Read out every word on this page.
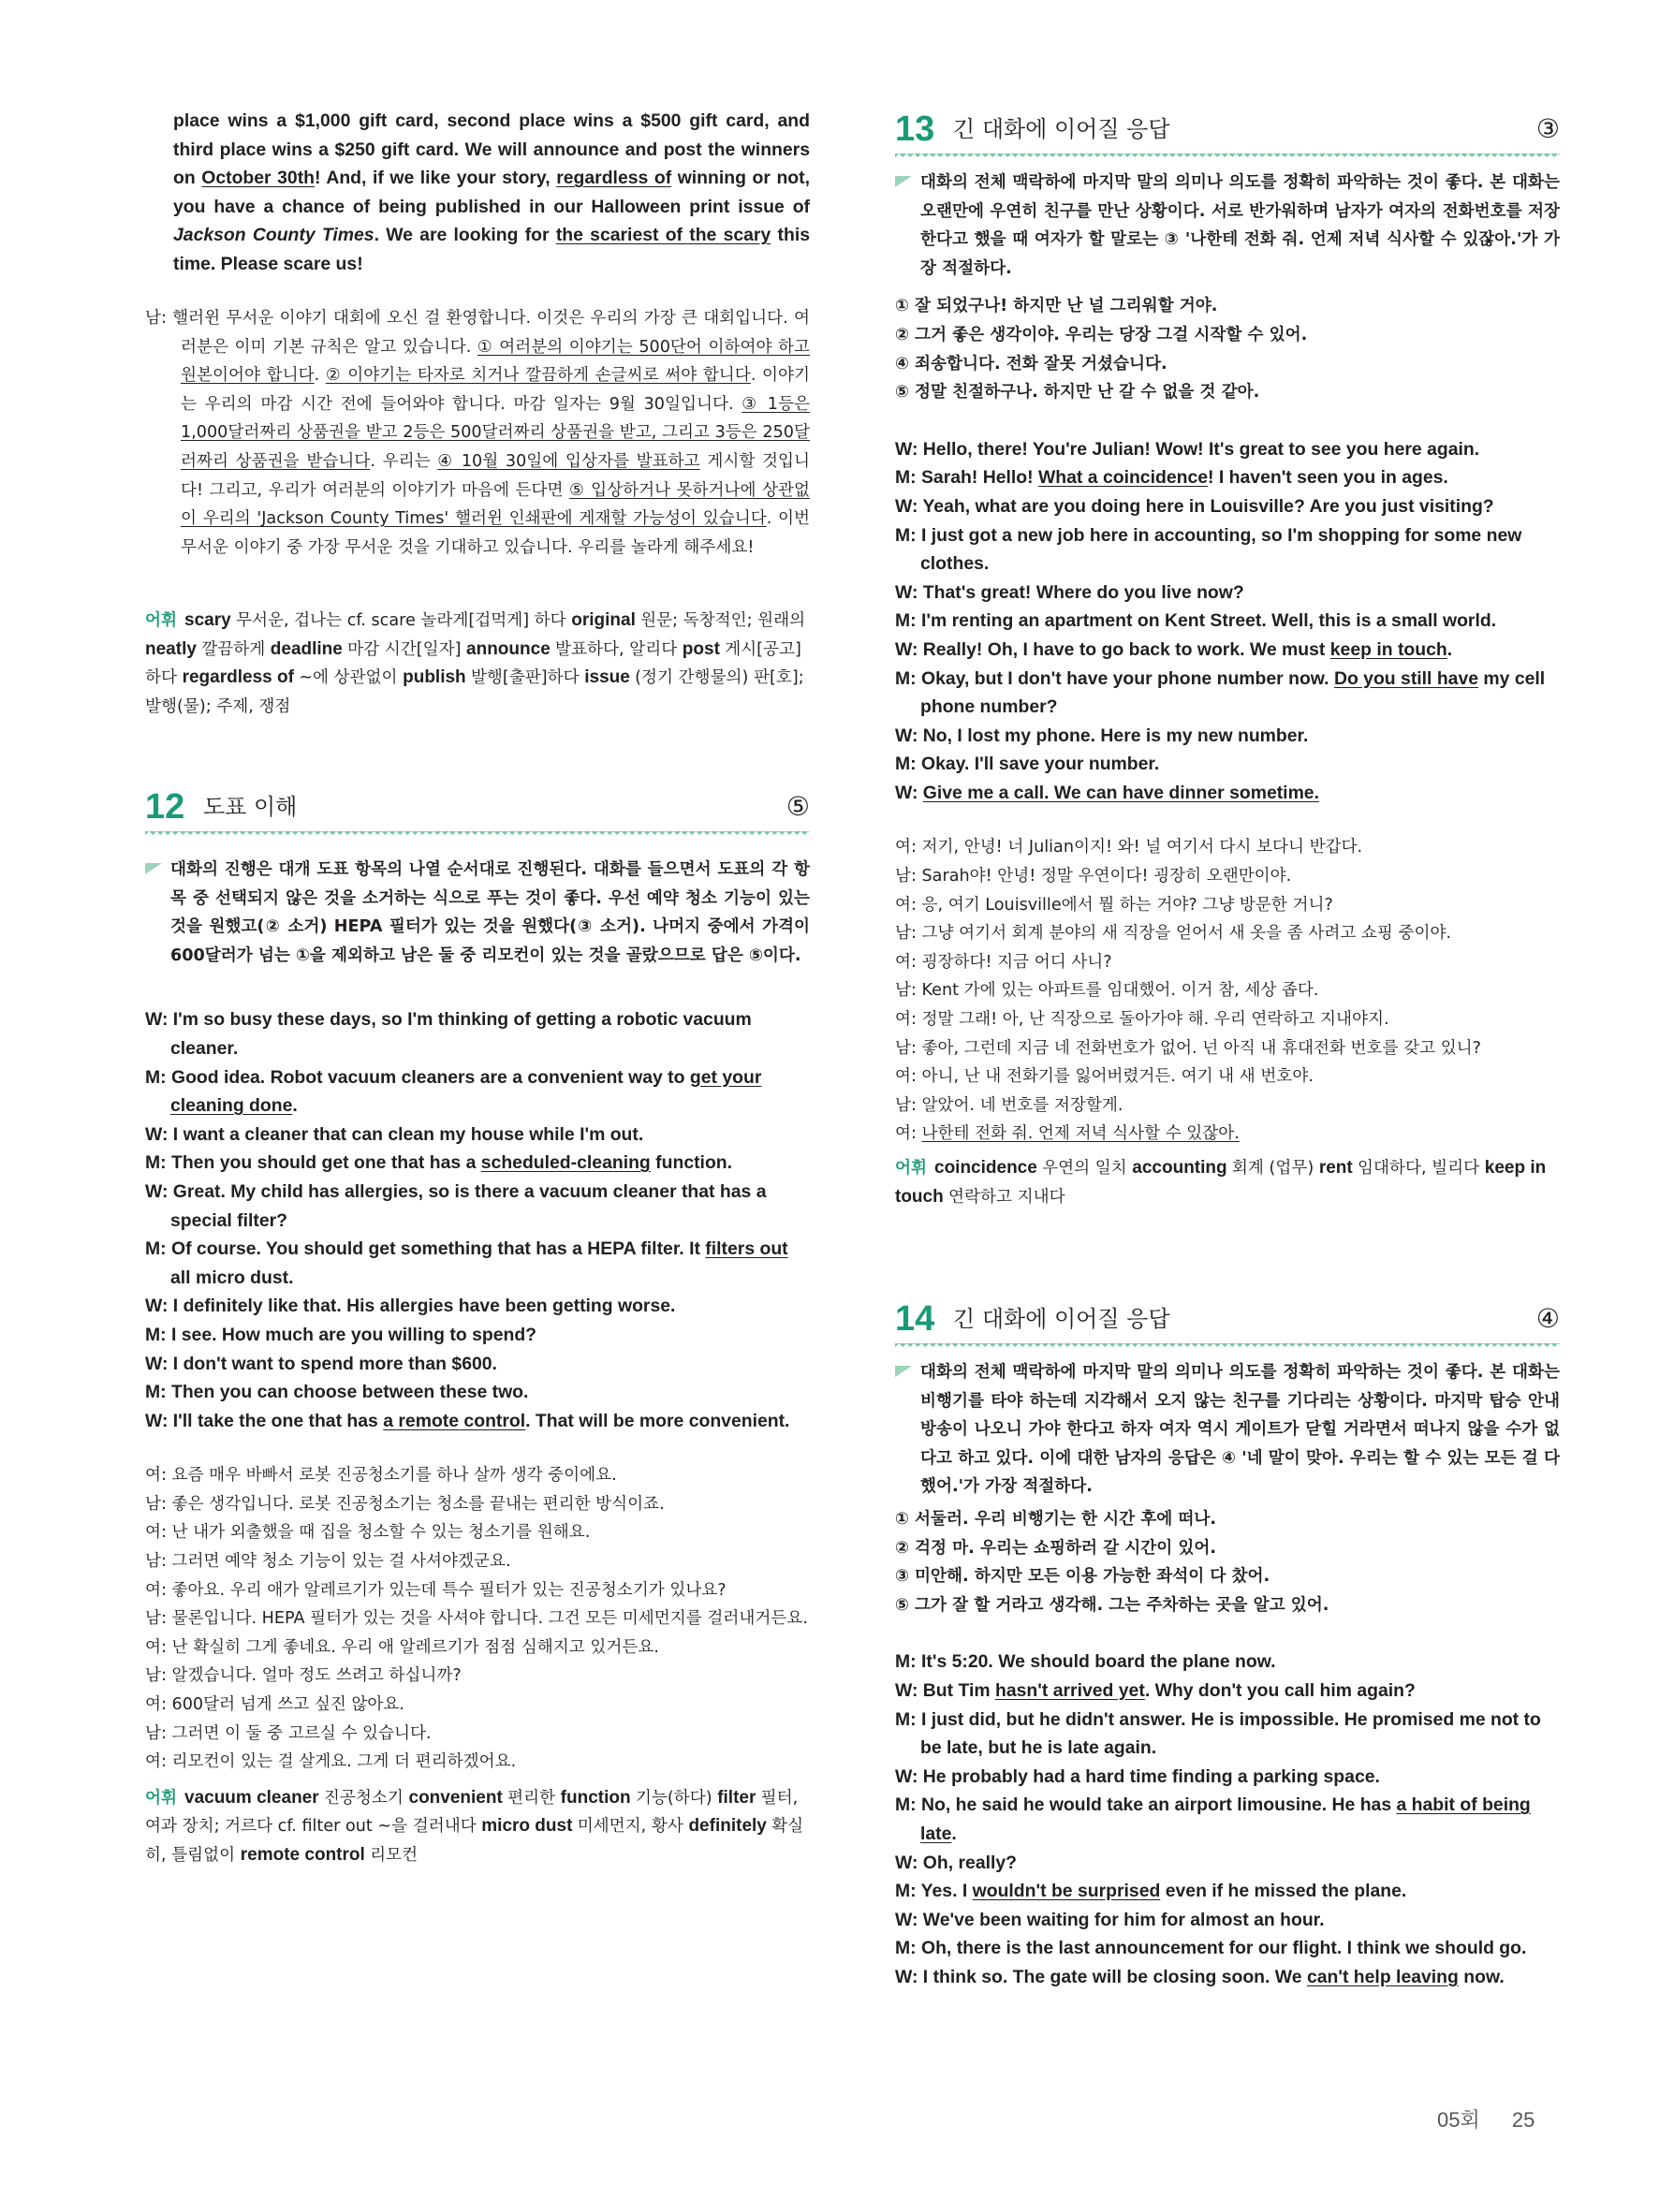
place wins a $1,000 gift card, second place wins a $500 gift card, and third place wins a $250 gift card. We will announce and post the winners on October 30th! And, if we like your story, regardless of winning or not, you have a chance of being published in our Halloween print issue of Jackson County Times. We are looking for the scariest of the scary this time. Please scare us!

남: 핼러윈 무서운 이야기 대회에 오신 걸 환영합니다. 이것은 우리의 가장 큰 대회입니다. 여러분은 이미 기본 규칙은 알고 있습니다. ① 여러분의 이야기는 500단어 이하여야 하고 원본이어야 합니다. ② 이야기는 타자로 치거나 깔끔하게 손글씨로 써야 합니다. 이야기는 우리의 마감 시간 전에 들어와야 합니다. 마감 일자는 9월 30일입니다. ③ 1등은 1,000달러짜리 상품권을 받고 2등은 500달러짜리 상품권을 받고, 그리고 3등은 250달러짜리 상품권을 받습니다. 우리는 ④ 10월 30일에 입상자를 발표하고 게시할 것입니다! 그리고, 우리가 여러분의 이야기가 마음에 든다면 ⑤ 입상하거나 못하거나에 상관없이 우리의 'Jackson County Times' 핼러윈 인쇄판에 게재할 가능성이 있습니다. 이번 무서운 이야기 중 가장 무서운 것을 기대하고 있습니다. 우리를 놀라게 해주세요!

어휘 scary 무서운, 겁나는 cf. scare 놀라게[겁먹게] 하다 original 원문; 독창적인; 원래의 neatly 깔끔하게 deadline 마감 시간[일자] announce 발표하다, 알리다 post 게시[공고]하다 regardless of ~에 상관없이 publish 발행[출판]하다 issue (정기 간행물의) 판[호]; 발행(물); 주제, 쟁점
12 도표 이해	⑤
대화의 진행은 대개 도표 항목의 나열 순서대로 진행된다. 대화를 들으면서 도표의 각 항목 중 선택되지 않은 것을 소거하는 식으로 푸는 것이 좋다. 우선 예약 청소 기능이 있는 것을 원했고(② 소거) HEPA 필터가 있는 것을 원했다(③ 소거). 나머지 중에서 가격이 600달러가 넘는 ①을 제외하고 남은 둘 중 리모컨이 있는 것을 골랐으므로 답은 ⑤이다.

W: I'm so busy these days, so I'm thinking of getting a robotic vacuum cleaner.

M: Good idea. Robot vacuum cleaners are a convenient way to get your cleaning done.

W: I want a cleaner that can clean my house while I'm out.

M: Then you should get one that has a scheduled-cleaning function.

W: Great. My child has allergies, so is there a vacuum cleaner that has a special filter?

M: Of course. You should get something that has a HEPA filter. It filters out all micro dust.

W: I definitely like that. His allergies have been getting worse.

M: I see. How much are you willing to spend?

W: I don't want to spend more than $600.

M: Then you can choose between these two.

W: I'll take the one that has a remote control. That will be more convenient.

여: 요즘 매우 바빠서 로봇 진공청소기를 하나 살까 생각 중이에요.

남: 좋은 생각입니다. 로봇 진공청소기는 청소를 끝내는 편리한 방식이죠.

여: 난 내가 외출했을 때 집을 청소할 수 있는 청소기를 원해요.

남: 그러면 예약 청소 기능이 있는 걸 사셔야겠군요.

여: 좋아요. 우리 애가 알레르기가 있는데 특수 필터가 있는 진공청소기가 있나요?

남: 물론입니다. HEPA 필터가 있는 것을 사셔야 합니다. 그건 모든 미세먼지를 걸러내거든요.

여: 난 확실히 그게 좋네요. 우리 애 알레르기가 점점 심해지고 있거든요.

남: 알겠습니다. 얼마 정도 쓰려고 하십니까?

여: 600달러 넘게 쓰고 싶진 않아요.

남: 그러면 이 둘 중 고르실 수 있습니다.

여: 리모컨이 있는 걸 살게요. 그게 더 편리하겠어요.

어휘 vacuum cleaner 진공청소기 convenient 편리한 function 기능(하다) filter 필터, 여과 장치; 거르다 cf. filter out ~을 걸러내다 micro dust 미세먼지, 황사 definitely 확실히, 틀림없이 remote control 리모컨
13 긴 대화에 이어질 응답	③
대화의 전체 맥락하에 마지막 말의 의미나 의도를 정확히 파악하는 것이 좋다. 본 대화는 오랜만에 우연히 친구를 만난 상황이다. 서로 반가워하며 남자가 여자의 전화번호를 저장한다고 했을 때 여자가 할 말로는 ③ '나한테 전화 줘. 언제 저녁 식사할 수 있잖아.'가 가장 적절하다.

① 잘 되었구나! 하지만 난 널 그리워할 거야.

② 그거 좋은 생각이야. 우리는 당장 그걸 시작할 수 있어.

④ 죄송합니다. 전화 잘못 거셨습니다.

⑤ 정말 친절하구나. 하지만 난 갈 수 없을 것 같아.

W: Hello, there! You're Julian! Wow! It's great to see you here again.

M: Sarah! Hello! What a coincidence! I haven't seen you in ages.

W: Yeah, what are you doing here in Louisville? Are you just visiting?

M: I just got a new job here in accounting, so I'm shopping for some new clothes.

W: That's great! Where do you live now?

M: I'm renting an apartment on Kent Street. Well, this is a small world.

W: Really! Oh, I have to go back to work. We must keep in touch.

M: Okay, but I don't have your phone number now. Do you still have my cell phone number?

W: No, I lost my phone. Here is my new number.

M: Okay. I'll save your number.

W: Give me a call. We can have dinner sometime.

여: 저기, 안녕! 너 Julian이지! 와! 널 여기서 다시 보다니 반갑다.

남: Sarah야! 안녕! 정말 우연이다! 굉장히 오랜만이야.

여: 응, 여기 Louisville에서 뭘 하는 거야? 그냥 방문한 거니?

남: 그냥 여기서 회계 분야의 새 직장을 얻어서 새 옷을 좀 사려고 쇼핑 중이야.

여: 굉장하다! 지금 어디 사니?

남: Kent 가에 있는 아파트를 임대했어. 이거 참, 세상 좁다.

여: 정말 그래! 아, 난 직장으로 돌아가야 해. 우리 연락하고 지내야지.

남: 좋아, 그런데 지금 네 전화번호가 없어. 넌 아직 내 휴대전화 번호를 갖고 있니?

여: 아니, 난 내 전화기를 잃어버렸거든. 여기 내 새 번호야.

남: 알았어. 네 번호를 저장할게.

여: 나한테 전화 줘. 언제 저녁 식사할 수 있잖아.

어휘 coincidence 우연의 일치 accounting 회계 (업무) rent 임대하다, 빌리다 keep in touch 연락하고 지내다
14 긴 대화에 이어질 응답	④
대화의 전체 맥락하에 마지막 말의 의미나 의도를 정확히 파악하는 것이 좋다. 본 대화는 비행기를 타야 하는데 지각해서 오지 않는 친구를 기다리는 상황이다. 마지막 탑승 안내 방송이 나오니 가야 한다고 하자 여자 역시 게이트가 닫힐 거라면서 떠나지 않을 수가 없다고 하고 있다. 이에 대한 남자의 응답은 ④ '네 말이 맞아. 우리는 할 수 있는 모든 걸 다 했어.'가 가장 적절하다.

① 서둘러. 우리 비행기는 한 시간 후에 떠나.

② 걱정 마. 우리는 쇼핑하러 갈 시간이 있어.

③ 미안해. 하지만 모든 이용 가능한 좌석이 다 찼어.

⑤ 그가 잘 할 거라고 생각해. 그는 주차하는 곳을 알고 있어.

M: It's 5:20. We should board the plane now.

W: But Tim hasn't arrived yet. Why don't you call him again?

M: I just did, but he didn't answer. He is impossible. He promised me not to be late, but he is late again.

W: He probably had a hard time finding a parking space.

M: No, he said he would take an airport limousine. He has a habit of being late.

W: Oh, really?

M: Yes. I wouldn't be surprised even if he missed the plane.

W: We've been waiting for him for almost an hour.

M: Oh, there is the last announcement for our flight. I think we should go.

W: I think so. The gate will be closing soon. We can't help leaving now.

05회 25
